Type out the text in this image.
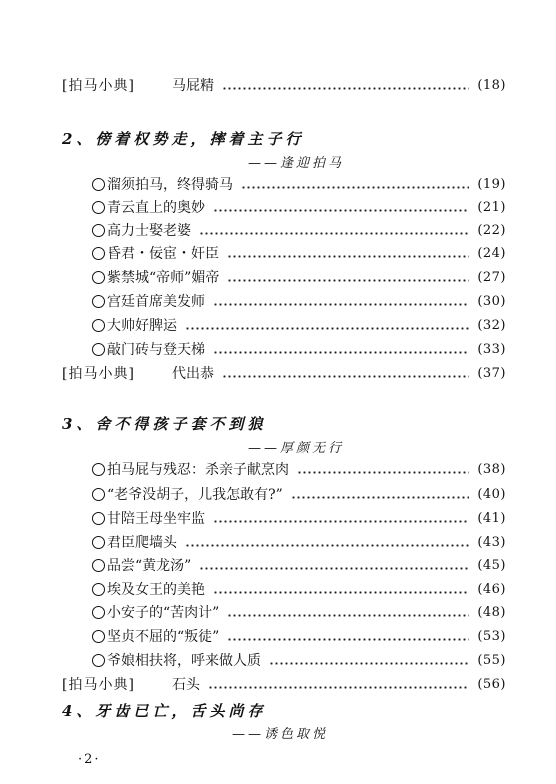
[拍马小典]	马屁精	(18)
2、傍着权势走，摔着主子行
——逢迎拍马
溜须拍马，终得骑马	(19)
青云直上的奥妙	(21)
高力士娶老婆	(22)
昏君・佞宦・奸臣	(24)
紫禁城“帝师”媚帝	(27)
宫廷首席美发师	(30)
大帅好脾运	(32)
敲门砖与登天梯	(33)
[拍马小典]	代出恭	(37)
3、舍不得孩子套不到狼
——厚颜无行
拍马屁与残忍：杀亲子献烹肉	(38)
“老爷没胡子，儿我怎敢有?”	(40)
甘陪王母坐牢监	(41)
君臣爬墙头	(43)
品尝“黄龙汤”	(45)
埃及女王的美艳	(46)
小安子的“苦肉计”	(48)
坚贞不屈的“叛徒”	(53)
爷娘相扶将，呼来做人质	(55)
[拍马小典]	石头	(56)
4、牙齿已亡，舌头尚存
——诱色取悦
·2·
